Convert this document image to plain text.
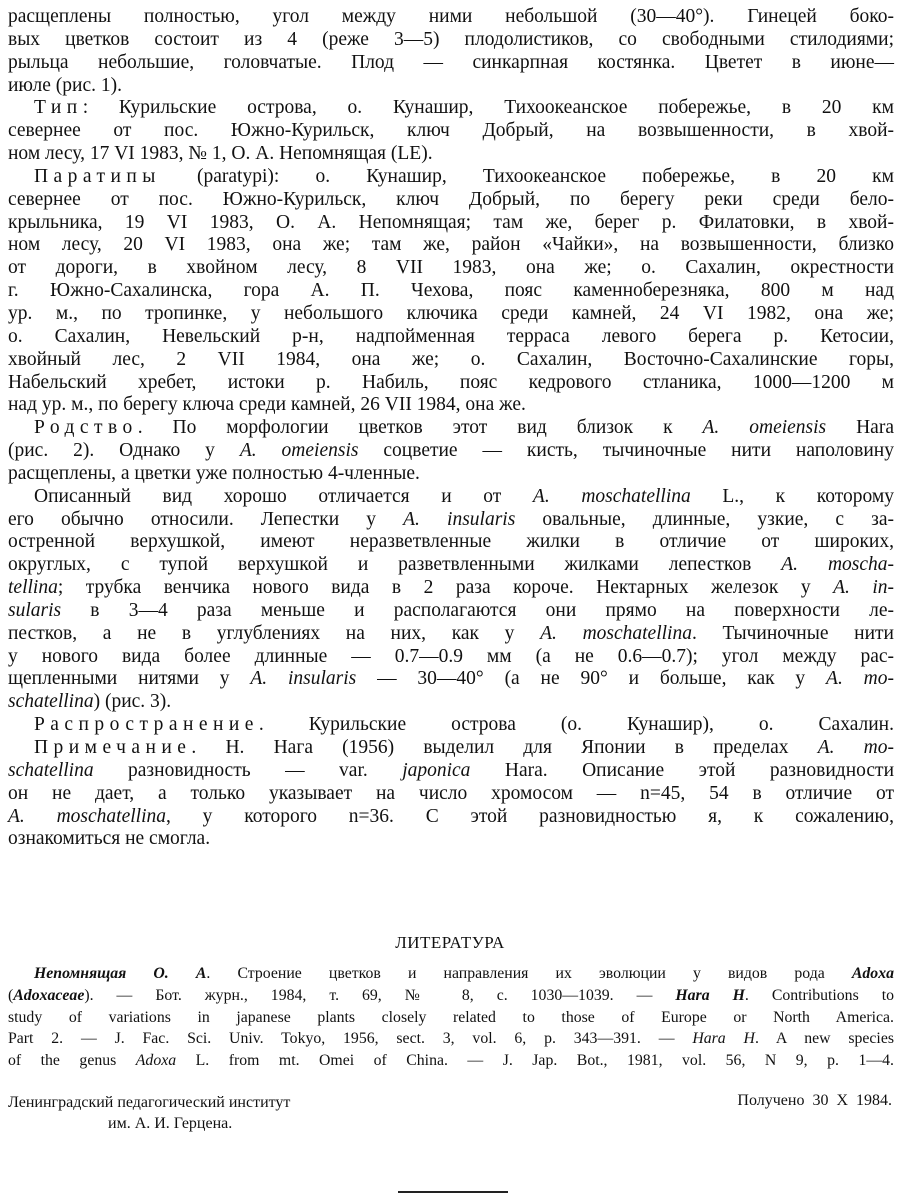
расщеплены полностью, угол между ними небольшой (30—40°). Гинецей боко-
вых цветков состоит из 4 (реже 3—5) плодолистиков, со свободными стилодиями;
рыльца небольшие, головчатые. Плод — синкарпная костянка. Цветет в июне—
июле (рис. 1).
Тип: Курильские острова, о. Кунашир, Тихоокеанское побережье, в 20 км
севернее от пос. Южно-Курильск, ключ Добрый, на возвышенности, в хвой-
ном лесу, 17 VI 1983, № 1, О. А. Непомнящая (LE).
Паратипы (paratypi): о. Кунашир, Тихоокеанское побережье, в 20 км
севернее от пос. Южно-Курильск, ключ Добрый, по берегу реки среди бело-
крыльника, 19 VI 1983, О. А. Непомнящая; там же, берег р. Филатовки, в хвой-
ном лесу, 20 VI 1983, она же; там же, район «Чайки», на возвышенности, близко
от дороги, в хвойном лесу, 8 VII 1983, она же; о. Сахалин, окрестности
г. Южно-Сахалинска, гора А. П. Чехова, пояс каменноберезняка, 800 м над
ур. м., по тропинке, у небольшого ключика среди камней, 24 VI 1982, она же;
о. Сахалин, Невельский р-н, надпойменная терраса левого берега р. Кетосии,
хвойный лес, 2 VII 1984, она же; о. Сахалин, Восточно-Сахалинские горы,
Набельский хребет, истоки р. Набиль, пояс кедрового стланика, 1000—1200 м
над ур. м., по берегу ключа среди камней, 26 VII 1984, она же.
Родство. По морфологии цветков этот вид близок к A. omeiensis Hara
(рис. 2). Однако у A. omeiensis соцветие — кисть, тычиночные нити наполовину
расщеплены, а цветки уже полностью 4-членные.
Описанный вид хорошо отличается и от A. moschatellina L., к которому
его обычно относили. Лепестки у A. insularis овальные, длинные, узкие, с за-
остренной верхушкой, имеют неразветвленные жилки в отличие от широких,
округлых, с тупой верхушкой и разветвленными жилками лепестков A. moscha-
tellina; трубка венчика нового вида в 2 раза короче. Нектарных железок у A. in-
sularis в 3—4 раза меньше и располагаются они прямо на поверхности ле-
пестков, а не в углублениях на них, как у A. moschatellina. Тычиночные нити
у нового вида более длинные — 0.7—0.9 мм (а не 0.6—0.7); угол между рас-
щепленными нитями у A. insularis — 30—40° (а не 90° и больше, как у A. mo-
schatellina) (рис. 3).
Распространение. Курильские острова (о. Кунашир), о. Сахалин.
Примечание. Н. Нага (1956) выделил для Японии в пределах A. mo-
schatellina разновидность — var. japonica Hara. Описание этой разновидности
он не дает, а только указывает на число хромосом — n=45, 54 в отличие от
A. moschatellina, у которого n=36. С этой разновидностью я, к сожалению,
ознакомиться не смогла.
ЛИТЕРАТУРА
Непомнящая О. А. Строение цветков и направления их эволюции у видов рода Adoxa
(Adoxaceae). — Бот. журн., 1984, т. 69, № 8, с. 1030—1039. — Hara H. Contributions to
study of variations in japanese plants closely related to those of Europe or North America.
Part 2. — J. Fac. Sci. Univ. Tokyo, 1956, sect. 3, vol. 6, p. 343—391. — Hara H. A new species
of the genus Adoxa L. from mt. Omei of China. — J. Jap. Bot., 1981, vol. 56, N 9, p. 1—4.
Ленинградский педагогический институт
им. А. И. Герцена.
Получено 30 X 1984.
